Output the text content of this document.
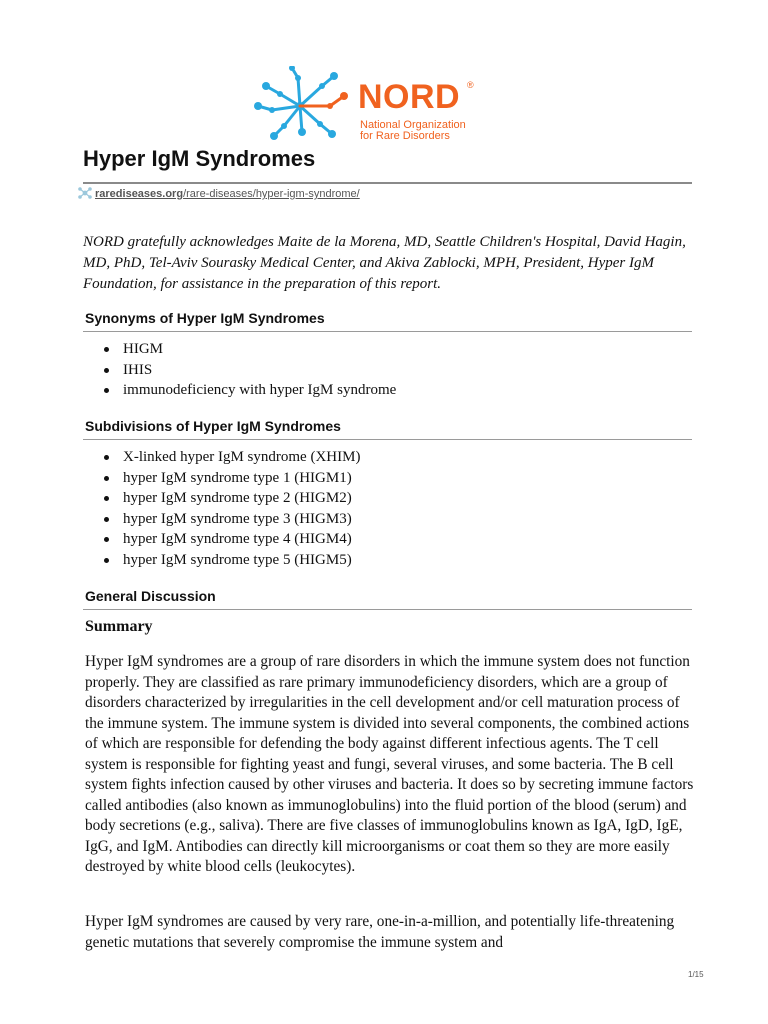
NORD ®
National Organization
for Rare Disorders
Hyper IgM Syndromes
rarediseases.org/rare-diseases/hyper-igm-syndrome/

NORD gratefully acknowledges Maite de la Morena, MD, Seattle Children's Hospital, David Hagin, MD, PhD, Tel-Aviv Sourasky Medical Center, and Akiva Zablocki, MPH, President, Hyper IgM Foundation, for assistance in the preparation of this report.

Synonyms of Hyper IgM Syndromes
HIGM
IHIS
immunodeficiency with hyper IgM syndrome
Subdivisions of Hyper IgM Syndromes
X-linked hyper IgM syndrome (XHIM)
hyper IgM syndrome type 1 (HIGM1)
hyper IgM syndrome type 2 (HIGM2)
hyper IgM syndrome type 3 (HIGM3)
hyper IgM syndrome type 4 (HIGM4)
hyper IgM syndrome type 5 (HIGM5)
General Discussion
Summary

Hyper IgM syndromes are a group of rare disorders in which the immune system does not function properly. They are classified as rare primary immunodeficiency disorders, which are a group of disorders characterized by irregularities in the cell development and/or cell maturation process of the immune system. The immune system is divided into several components, the combined actions of which are responsible for defending the body against different infectious agents. The T cell system is responsible for fighting yeast and fungi, several viruses, and some bacteria. The B cell system fights infection caused by other viruses and bacteria. It does so by secreting immune factors called antibodies (also known as immunoglobulins) into the fluid portion of the blood (serum) and body secretions (e.g., saliva). There are five classes of immunoglobulins known as IgA, IgD, IgE, IgG, and IgM. Antibodies can directly kill microorganisms or coat them so they are more easily destroyed by white blood cells (leukocytes).

Hyper IgM syndromes are caused by very rare, one-in-a-million, and potentially life-threatening genetic mutations that severely compromise the immune system and

1/15
